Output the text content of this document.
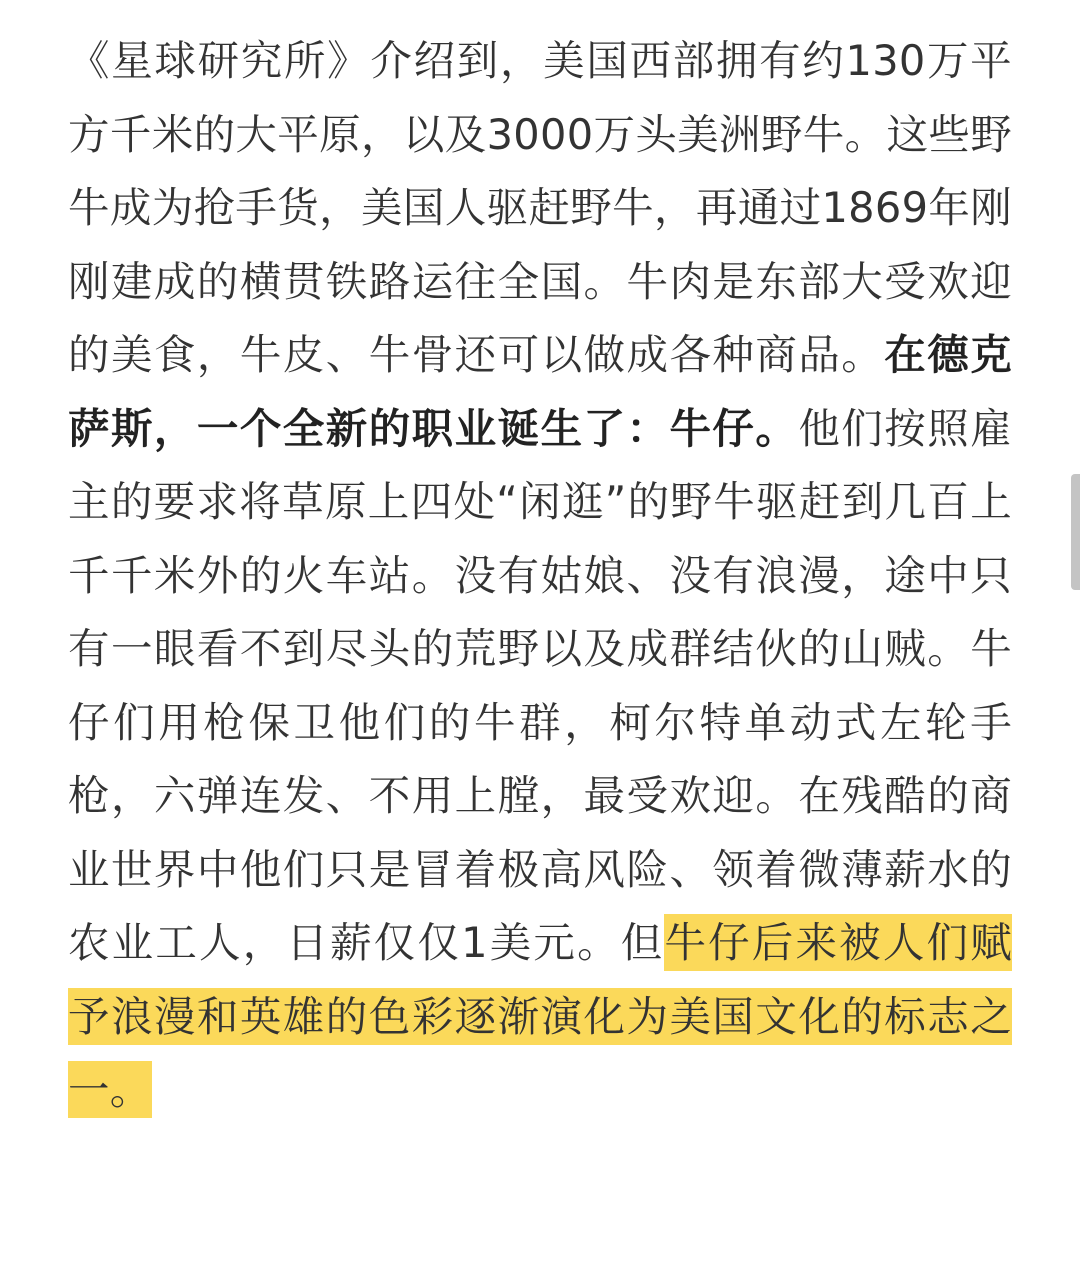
《星球研究所》介绍到，美国西部拥有约130万平方千米的大平原，以及3000万头美洲野牛。这些野牛成为抢手货，美国人驱赶野牛，再通过1869年刚刚建成的横贯铁路运往全国。牛肉是东部大受欢迎的美食，牛皮、牛骨还可以做成各种商品。在德克萨斯，一个全新的职业诞生了：牛仔。他们按照雇主的要求将草原上四处“闲逛”的野牛驱赶到几百上千千米外的火车站。没有姑娘、没有浪漫，途中只有一眼看不到尽头的荒野以及成群结伙的山贼。牛仔们用枪保卫他们的牛群，柯尔特单动式左轮手枪，六弹连发、不用上膛，最受欢迎。在残酷的商业世界中他们只是冒着极高风险、领着微薄薪水的农业工人，日薪仅仅1美元。但牛仔后来被人们赋予浪漫和英雄的色彩逐渐演化为美国文化的标志之一。
